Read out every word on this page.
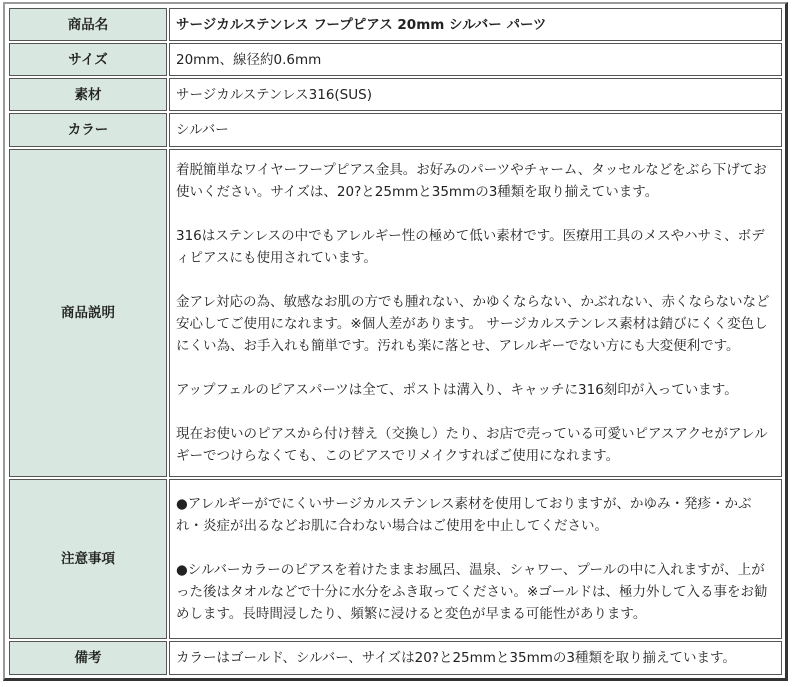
商品名	サージカルステンレス フープピアス 20mm シルバー パーツ
サイズ	20mm、線径約0.6mm
素材	サージカルステンレス316(SUS)
カラー	シルバー
商品説明	着脱簡単なワイヤーフープピアス金具。お好みのパーツやチャーム、タッセルなどをぶら下げてお使いください。サイズは、20?と25mmと35mmの3種類を取り揃えています。

316はステンレスの中でもアレルギー性の極めて低い素材です。医療用工具のメスやハサミ、ボディピアスにも使用されています。

金アレ対応の為、敏感なお肌の方でも腫れない、かゆくならない、かぶれない、赤くならないなど安心してご使用になれます。※個人差があります。 サージカルステンレス素材は錆びにくく変色しにくい為、お手入れも簡単です。汚れも楽に落とせ、アレルギーでない方にも大変便利です。

アップフェルのピアスパーツは全て、ポストは溝入り、キャッチに316刻印が入っています。

現在お使いのピアスから付け替え（交換し）たり、お店で売っている可愛いピアスアクセがアレルギーでつけらなくても、このピアスでリメイクすればご使用になれます。

注意事項	●アレルギーがでにくいサージカルステンレス素材を使用しておりますが、かゆみ・発疹・かぶれ・炎症が出るなどお肌に合わない場合はご使用を中止してください。

●シルバーカラーのピアスを着けたままお風呂、温泉、シャワー、プールの中に入れますが、上がった後はタオルなどで十分に水分をふき取ってください。※ゴールドは、極力外して入る事をお勧めします。長時間浸したり、頻繁に浸けると変色が早まる可能性があります。

備考	カラーはゴールド、シルバー、サイズは20?と25mmと35mmの3種類を取り揃えています。
